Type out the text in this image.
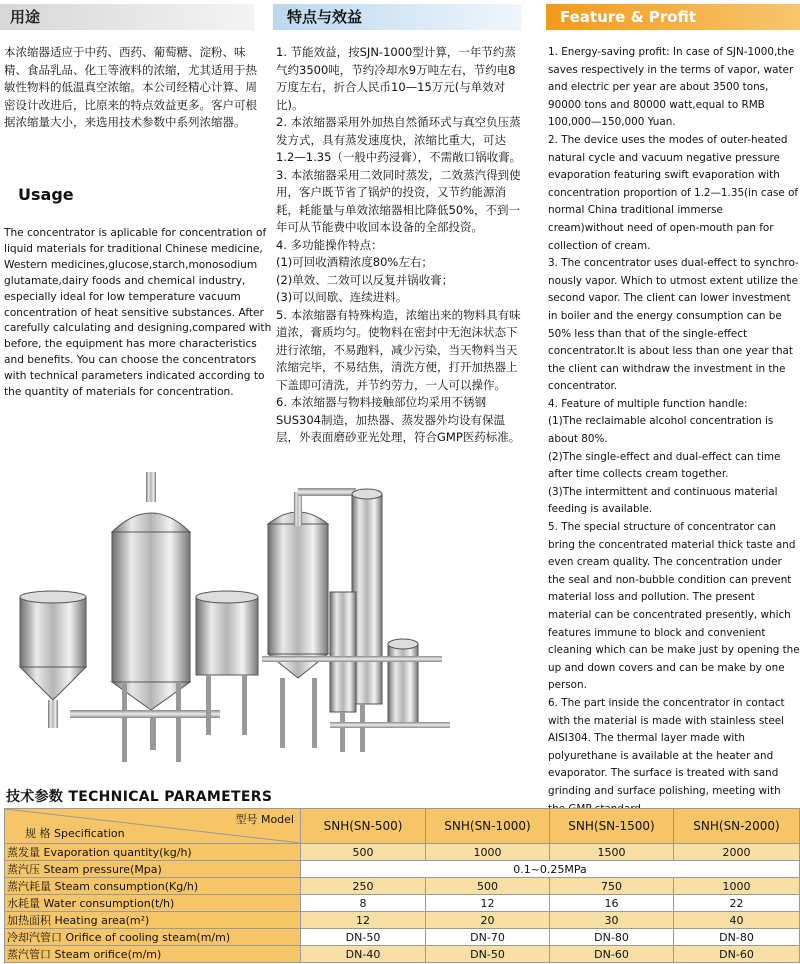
用途	特点与效益	Feature & Profit

本浓缩器适应于中药、西药、葡萄糖、淀粉、味精、食品乳品、化工等液料的浓缩，尤其适用于热敏性物料的低温真空浓缩。本公司经精心计算、周密设计改进后，比原来的特点效益更多。客户可根据浓缩量大小，来选用技术参数中系列浓缩器。

Usage

The concentrator is aplicable for concentration of liquid materials for traditional Chinese medicine, Western medicines,glucose,starch,monosodium glutamate,dairy foods and chemical industry, especially ideal for low temperature vacuum concentration of heat sensitive substances. After carefully calculating and designing,compared with before, the equipment has more characteristics and benefits. You can choose the concentrators with technical parameters indicated according to the quantity of materials for concentration.

1. 节能效益，按SJN-1000型计算，一年节约蒸气约3500吨，节约冷却水9万吨左右，节约电8万度左右，折合人民币10—15万元(与单效对比)。
2. 本浓缩器采用外加热自然循环式与真空负压蒸发方式，具有蒸发速度快，浓缩比重大，可达1.2—1.35（一般中药浸膏），不需敞口锅收膏。
3. 本浓缩器采用二效同时蒸发，二效蒸汽得到使用，客户既节省了锅炉的投资，又节约能源消耗，耗能量与单效浓缩器相比降低50%，不到一年可从节能费中收回本设备的全部投资。
4. 多功能操作特点：
(1)可回收酒精浓度80%左右；
(2)单效、二效可以反复并锅收膏；
(3)可以间歇、连续进料。
5. 本浓缩器有特殊构造，浓缩出来的物料具有味道浓，膏质均匀。使物料在密封中无泡沫状态下进行浓缩，不易跑料，减少污染，当天物料当天浓缩完毕，不易结焦，清洗方便，打开加热器上下盖即可清洗，并节约劳力，一人可以操作。
6. 本浓缩器与物料接触部位均采用不锈钢SUS304制造，加热器、蒸发器外均设有保温层，外表面磨砂亚光处理，符合GMP医药标准。
1. Energy-saving profit: In case of SJN-1000,the saves respectively in the terms of vapor, water and electric per year are about 3500 tons, 90000 tons and 80000 watt,equal to RMB 100,000—150,000 Yuan.
2. The device uses the modes of outer-heated natural cycle and vacuum negative pressure evaporation featuring swift evaporation with concentration proportion of 1.2—1.35(in case of normal China traditional immerse cream)without need of open-mouth pan for collection of cream.
3. The concentrator uses dual-effect to synchro-nously vapor. Which to utmost extent utilize the second vapor. The client can lower investment in boiler and the energy consumption can be 50% less than that of the single-effect concentrator.It is about less than one year that the client can withdraw the investment in the concentrator.
4. Feature of multiple function handle:
(1)The reclaimable alcohol concentration is about 80%.
(2)The single-effect and dual-effect can time after time collects cream together.
(3)The intermittent and continuous material feeding is available.
5. The special structure of concentrator can bring the concentrated material thick taste and even cream quality. The concentration under the seal and non-bubble condition can prevent material loss and pollution. The present material can be concentrated presently, which features immune to block and convenient cleaning which can be make just by opening the up and down covers and can be make by one person.
6. The part inside the concentrator in contact with the material is made with stainless steel AISI304. The thermal layer made with polyurethane is available at the heater and evaporator. The surface is treated with sand grinding and surface polishing, meeting with
技术参数 TECHNICAL PARAMETERS
型号 Model
规 格 Specification	SNH(SN-500)	SNH(SN-1000)	SNH(SN-1500)	SNH(SN-2000)
蒸发量 Evaporation quantity(kg/h)	500	1000	1500	2000
蒸汽压 Steam pressure(Mpa)	0.1~0.25MPa			
蒸汽耗量 Steam consumption(Kg/h)	250	500	750	1000
水耗量 Water consumption(t/h)	8	12	16	22
加热面积 Heating area(m²)	12	20	30	40
冷却汽管口 Orifice of cooling steam(m/m)	DN-50	DN-70	DN-80	DN-80
蒸汽管口 Steam orifice(m/m)	DN-40	DN-50	DN-60	DN-60
